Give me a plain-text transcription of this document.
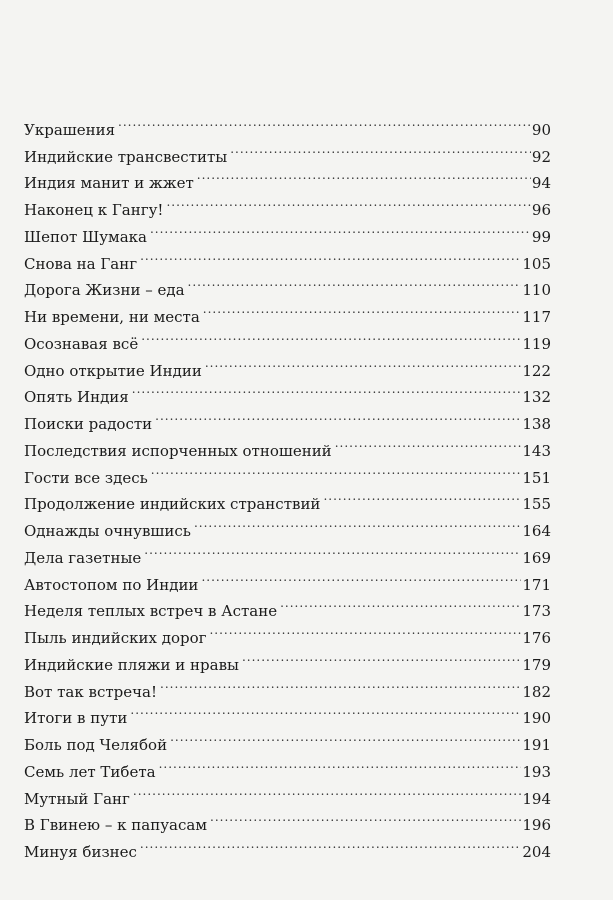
Украшения .....	90
Индийские трансвеститы .....	92
Индия манит и жжет .....	94
Наконец к Гангу! .....	96
Шепот Шумака .....	99
Снова на Ганг .....	105
Дорога Жизни – еда .....	110
Ни времени, ни места .....	117
Осознавая всё .....	119
Одно открытие Индии .....	122
Опять Индия .....	132
Поиски радости .....	138
Последствия испорченных отношений .....	143
Гости все здесь .....	151
Продолжение индийских странствий .....	155
Однажды очнувшись .....	164
Дела газетные .....	169
Автостопом по Индии .....	171
Неделя теплых встреч в Астане .....	173
Пыль индийских дорог .....	176
Индийские пляжи и нравы .....	179
Вот так встреча! .....	182
Итоги в пути .....	190
Боль под Челябой .....	191
Семь лет Тибета .....	193
Мутный Ганг .....	194
В Гвинею – к папуасам .....	196
Минуя бизнес .....	204
